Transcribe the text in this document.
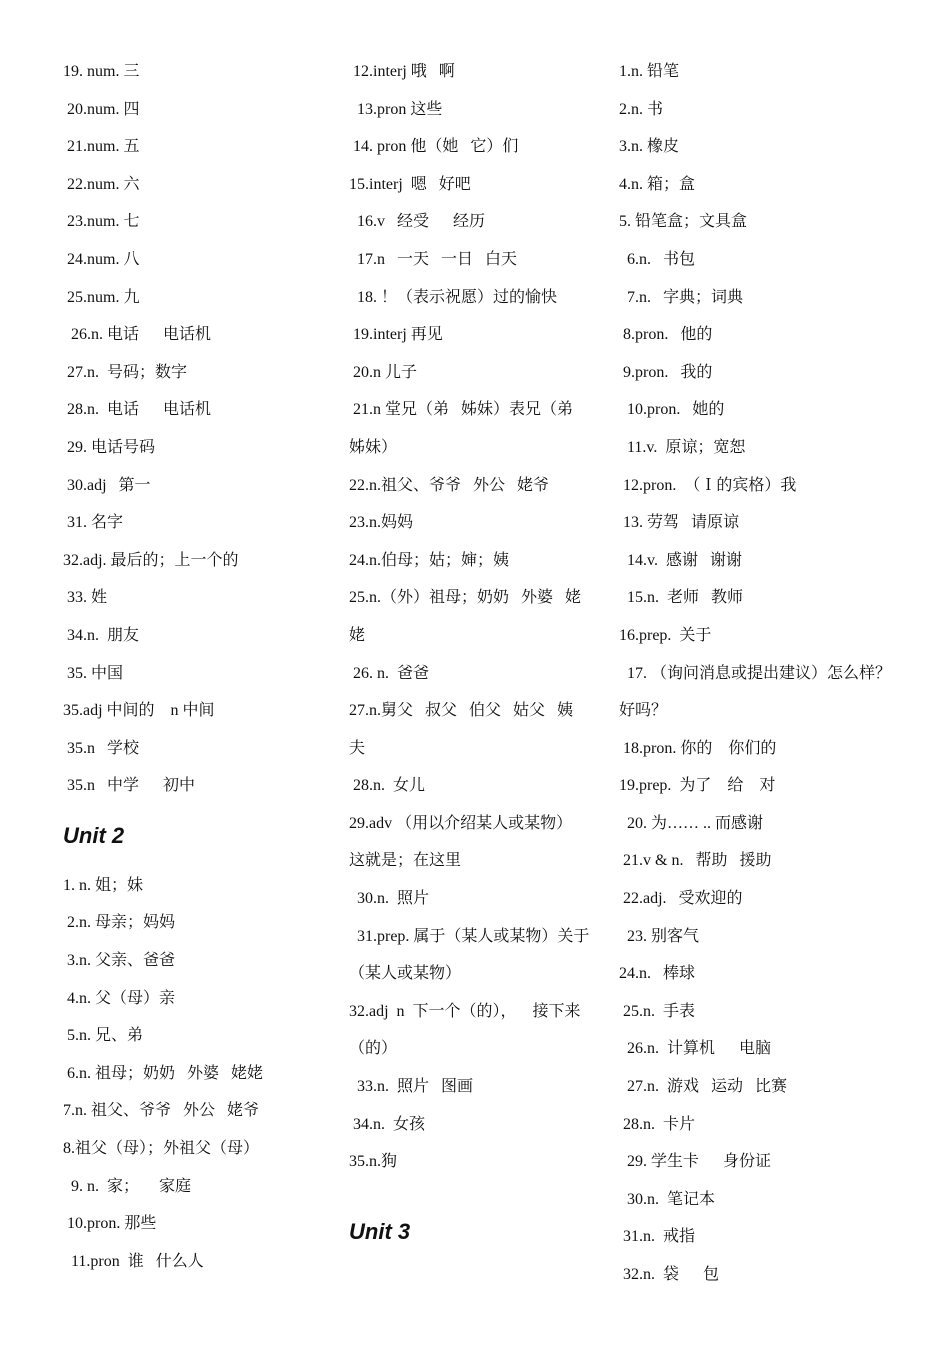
19. num. 三
20.num. 四
21.num. 五
22.num. 六
23.num. 七
24.num. 八
25.num. 九
26.n. 电话      电话机
27.n.  号码；数字
28.n.  电话      电话机
29. 电话号码
30.adj   第一
31. 名字
32.adj. 最后的；上一个的
33. 姓
34.n.  朋友
35. 中国
35.adj 中间的    n 中间
35.n   学校
35.n   中学      初中
Unit 2
1. n. 姐；妹
2.n. 母亲；妈妈
3.n. 父亲、爸爸
4.n. 父（母）亲
5.n. 兄、弟
6.n. 祖母；奶奶   外婆   姥姥
7.n. 祖父、爷爷   外公   姥爷
8.祖父（母）；外祖父（母）
9. n.  家；     家庭
10.pron. 那些
11.pron  谁   什么人
12.interj 哦   啊
13.pron 这些
14. pron 他（她   它）们
15.interj  嗯   好吧
16.v   经受      经历
17.n   一天   一日   白天
18. ！（表示祝愿）过的愉快
19.interj 再见
20.n 儿子
21.n 堂兄（弟   姊妹）表兄（弟
姊妹）
22.n.祖父、爷爷   外公   姥爷
23.n.妈妈
24.n.伯母；姑；婶；姨
25.n.（外）祖母；奶奶   外婆   姥
姥
26. n.  爸爸
27.n.舅父   叔父   伯父   姑父   姨
夫
28.n.  女儿
29.adv （用以介绍某人或某物）
这就是；在这里
30.n.  照片
31.prep. 属于（某人或某物）关于
（某人或某物）
32.adj  n  下一个（的），    接下来
（的）
33.n.  照片   图画
34.n.  女孩
35.n.狗
Unit 3
1.n. 铅笔
2.n. 书
3.n. 橡皮
4.n. 箱；盒
5. 铅笔盒；文具盒
6.n.   书包
7.n.   字典；词典
8.pron.   他的
9.pron.   我的
10.pron.   她的
11.v.  原谅；宽恕
12.pron.  （Ｉ的宾格）我
13. 劳驾   请原谅
14.v.  感谢   谢谢
15.n.  老师   教师
16.prep.  关于
17. （询问消息或提出建议）怎么样？
好吗？
18.pron. 你的    你们的
19.prep.  为了    给    对
20. 为…… .. 而感谢
21.v & n.   帮助   援助
22.adj.   受欢迎的
23. 别客气
24.n.   棒球
25.n.  手表
26.n.  计算机      电脑
27.n.  游戏   运动   比赛
28.n.  卡片
29. 学生卡      身份证
30.n.  笔记本
31.n.  戒指
32.n.  袋      包
